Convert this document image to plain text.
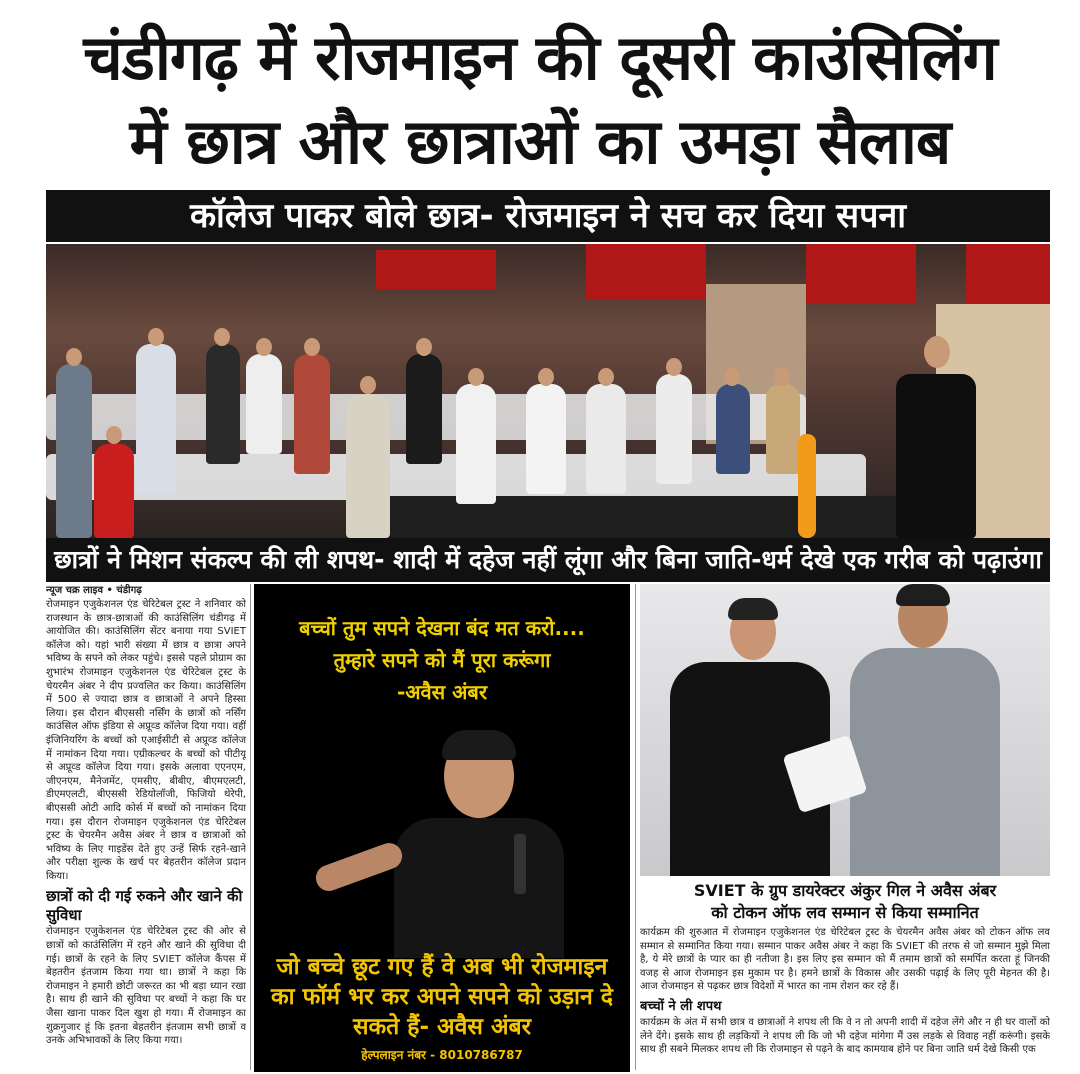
चंडीगढ़ में रोजमाइन की दूसरी काउंसिलिंग
में छात्र और छात्राओं का उमड़ा सैलाब
कॉलेज पाकर बोले छात्र- रोजमाइन ने सच कर दिया सपना
छात्रों ने मिशन संकल्प की ली शपथ- शादी में दहेज नहीं लूंगा और बिना जाति-धर्म देखे एक गरीब को पढ़ाउंगा
न्यूज चक्र लाइव • चंडीगढ़

रोजमाइन एजुकेशनल एंड चेरिटेबल ट्रस्ट ने शनिवार को राजस्थान के छात्र-छात्राओं की काउंसिलिंग चंडीगढ़ में आयोजित की। काउंसिलिंग सेंटर बनाया गया SVIET कॉलेज को। यहां भारी संख्या में छात्र व छात्रा अपने भविष्य के सपने को लेकर पहुंचे। इससे पहले प्रोग्राम का शुभारंभ रोजमाइन एजुकेशनल एंड चेरिटेबल ट्रस्ट के चेयरमैन अंबर ने दीप प्रज्वलित कर किया। काउंसिलिंग में 500 से ज्यादा छात्र व छात्राओं ने अपने हिस्सा लिया। इस दौरान बीएससी नर्सिंग के छात्रों को नर्सिंग काउंसिल ऑफ इंडिया से अप्रूव्ड कॉलेज दिया गया। वहीं इंजिनियरिंग के बच्चों को एआईसीटी से अप्रूव्ड कॉलेज में नामांकन दिया गया। एग्रीकल्चर के बच्चों को पीटीयू से अप्रूव्ड कॉलेज दिया गया। इसके अलावा एएनएम, जीएनएम, मैनेजमेंट, एमसीए, बीबीए, बीएमएलटी, डीएमएलटी, बीएससी रेडियोलॉजी, फिजियो थेरेपी, बीएससी ओटी आदि कोर्स में बच्चों को नामांकन दिया गया। इस दौरान रोजमाइन एजुकेशनल एंड चेरिटेबल ट्रस्ट के चेयरमैन अवैस अंबर ने छात्र व छात्राओं को भविष्य के लिए गाइडेंस देते हुए उन्हें सिर्फ रहने-खाने और परीक्षा शुल्क के खर्च पर बेहतरीन कॉलेज प्रदान किया।

छात्रों को दी गई रुकने और खाने की सुविधा

रोजमाइन एजुकेशनल एंड चेरिटेबल ट्रस्ट की ओर से छात्रों को काउंसिलिंग में रहने और खाने की सुविधा दी गई। छात्रों के रहने के लिए SVIET कॉलेज कैंपस में बेहतरीन इंतजाम किया गया था। छात्रों ने कहा कि रोजमाइन ने हमारी छोटी जरूरत का भी बड़ा ध्यान रखा है। साथ ही खाने की सुविधा पर बच्चों ने कहा कि घर जैसा खाना पाकर दिल खुश हो गया। मैं रोजमाइन का शुक्रगुजार हूं कि इतना बेहतरीन इंतजाम सभी छात्रों व उनके अभिभावकों के लिए किया गया।

बच्चों तुम सपने देखना बंद मत करो....
तुम्हारे सपने को मैं पूरा करूंगा
-अवैस अंबर
जो बच्चे छूट गए हैं वे अब भी रोजमाइन का फॉर्म भर कर अपने सपने को उड़ान दे सकते हैं- अवैस अंबर
हेल्पलाइन नंबर - 8010786787
SVIET के ग्रुप डायरेक्टर अंकुर गिल ने अवैस अंबर
को टोकन ऑफ लव सम्मान से किया सम्मानित

कार्यक्रम की शुरुआत में रोजमाइन एजुकेशनल एंड चेरिटेबल ट्रस्ट के चेयरमैन अवैस अंबर को टोकन ऑफ लव सम्मान से सम्मानित किया गया। सम्मान पाकर अवैस अंबर ने कहा कि SVIET की तरफ से जो सम्मान मुझे मिला है, ये मेरे छात्रों के प्यार का ही नतीजा है। इस लिए इस सम्मान को मैं तमाम छात्रों को समर्पित करता हूं जिनकी वजह से आज रोजमाइन इस मुकाम पर है। हमने छात्रों के विकास और उसकी पढ़ाई के लिए पूरी मेहनत की है। आज रोजमाइन से पढ़कर छात्र विदेशों में भारत का नाम रोशन कर रहे हैं।

बच्चों ने ली शपथ

कार्यक्रम के अंत में सभी छात्र व छात्राओं ने शपथ ली कि वे न तो अपनी शादी में दहेज लेंगे और न ही घर वालों को लेने देंगे। इसके साथ ही लड़कियों ने शपथ ली कि जो भी दहेज मांगेगा मैं उस लड़के से विवाह नहीं करूंगी। इसके साथ ही सबने मिलकर शपथ ली कि रोजमाइन से पढ़ने के बाद कामयाब होने पर बिना जाति धर्म देखे किसी एक
